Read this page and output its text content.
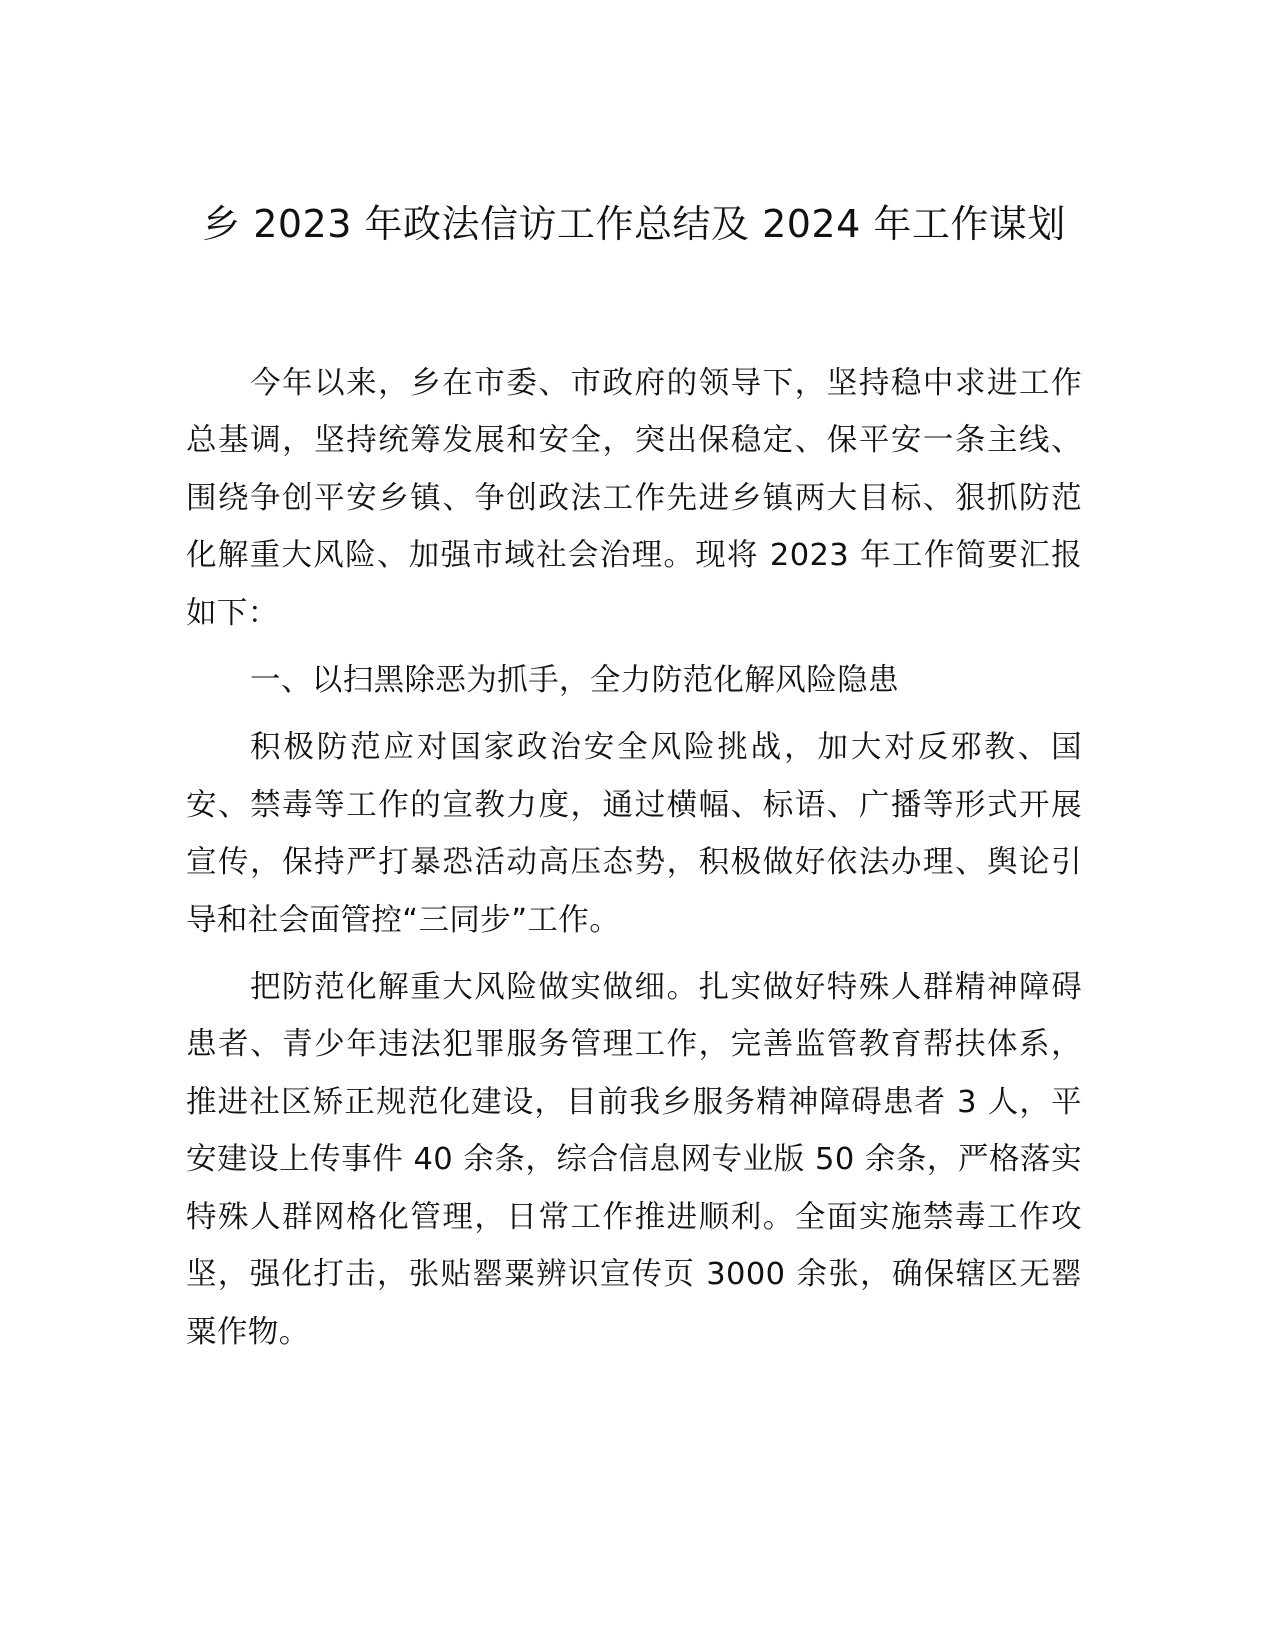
乡 2023 年政法信访工作总结及 2024 年工作谋划

今年以来，乡在市委、市政府的领导下，坚持稳中求进工作总基调，坚持统筹发展和安全，突出保稳定、保平安一条主线、围绕争创平安乡镇、争创政法工作先进乡镇两大目标、狠抓防范化解重大风险、加强市域社会治理。现将 2023 年工作简要汇报如下：

一、以扫黑除恶为抓手，全力防范化解风险隐患

积极防范应对国家政治安全风险挑战，加大对反邪教、国安、禁毒等工作的宣教力度，通过横幅、标语、广播等形式开展宣传，保持严打暴恐活动高压态势，积极做好依法办理、舆论引导和社会面管控“三同步”工作。

把防范化解重大风险做实做细。扎实做好特殊人群精神障碍患者、青少年违法犯罪服务管理工作，完善监管教育帮扶体系，推进社区矫正规范化建设，目前我乡服务精神障碍患者 3 人，平安建设上传事件 40 余条，综合信息网专业版 50 余条，严格落实特殊人群网格化管理，日常工作推进顺利。全面实施禁毒工作攻坚，强化打击，张贴罂粟辨识宣传页 3000 余张，确保辖区无罂粟作物。
